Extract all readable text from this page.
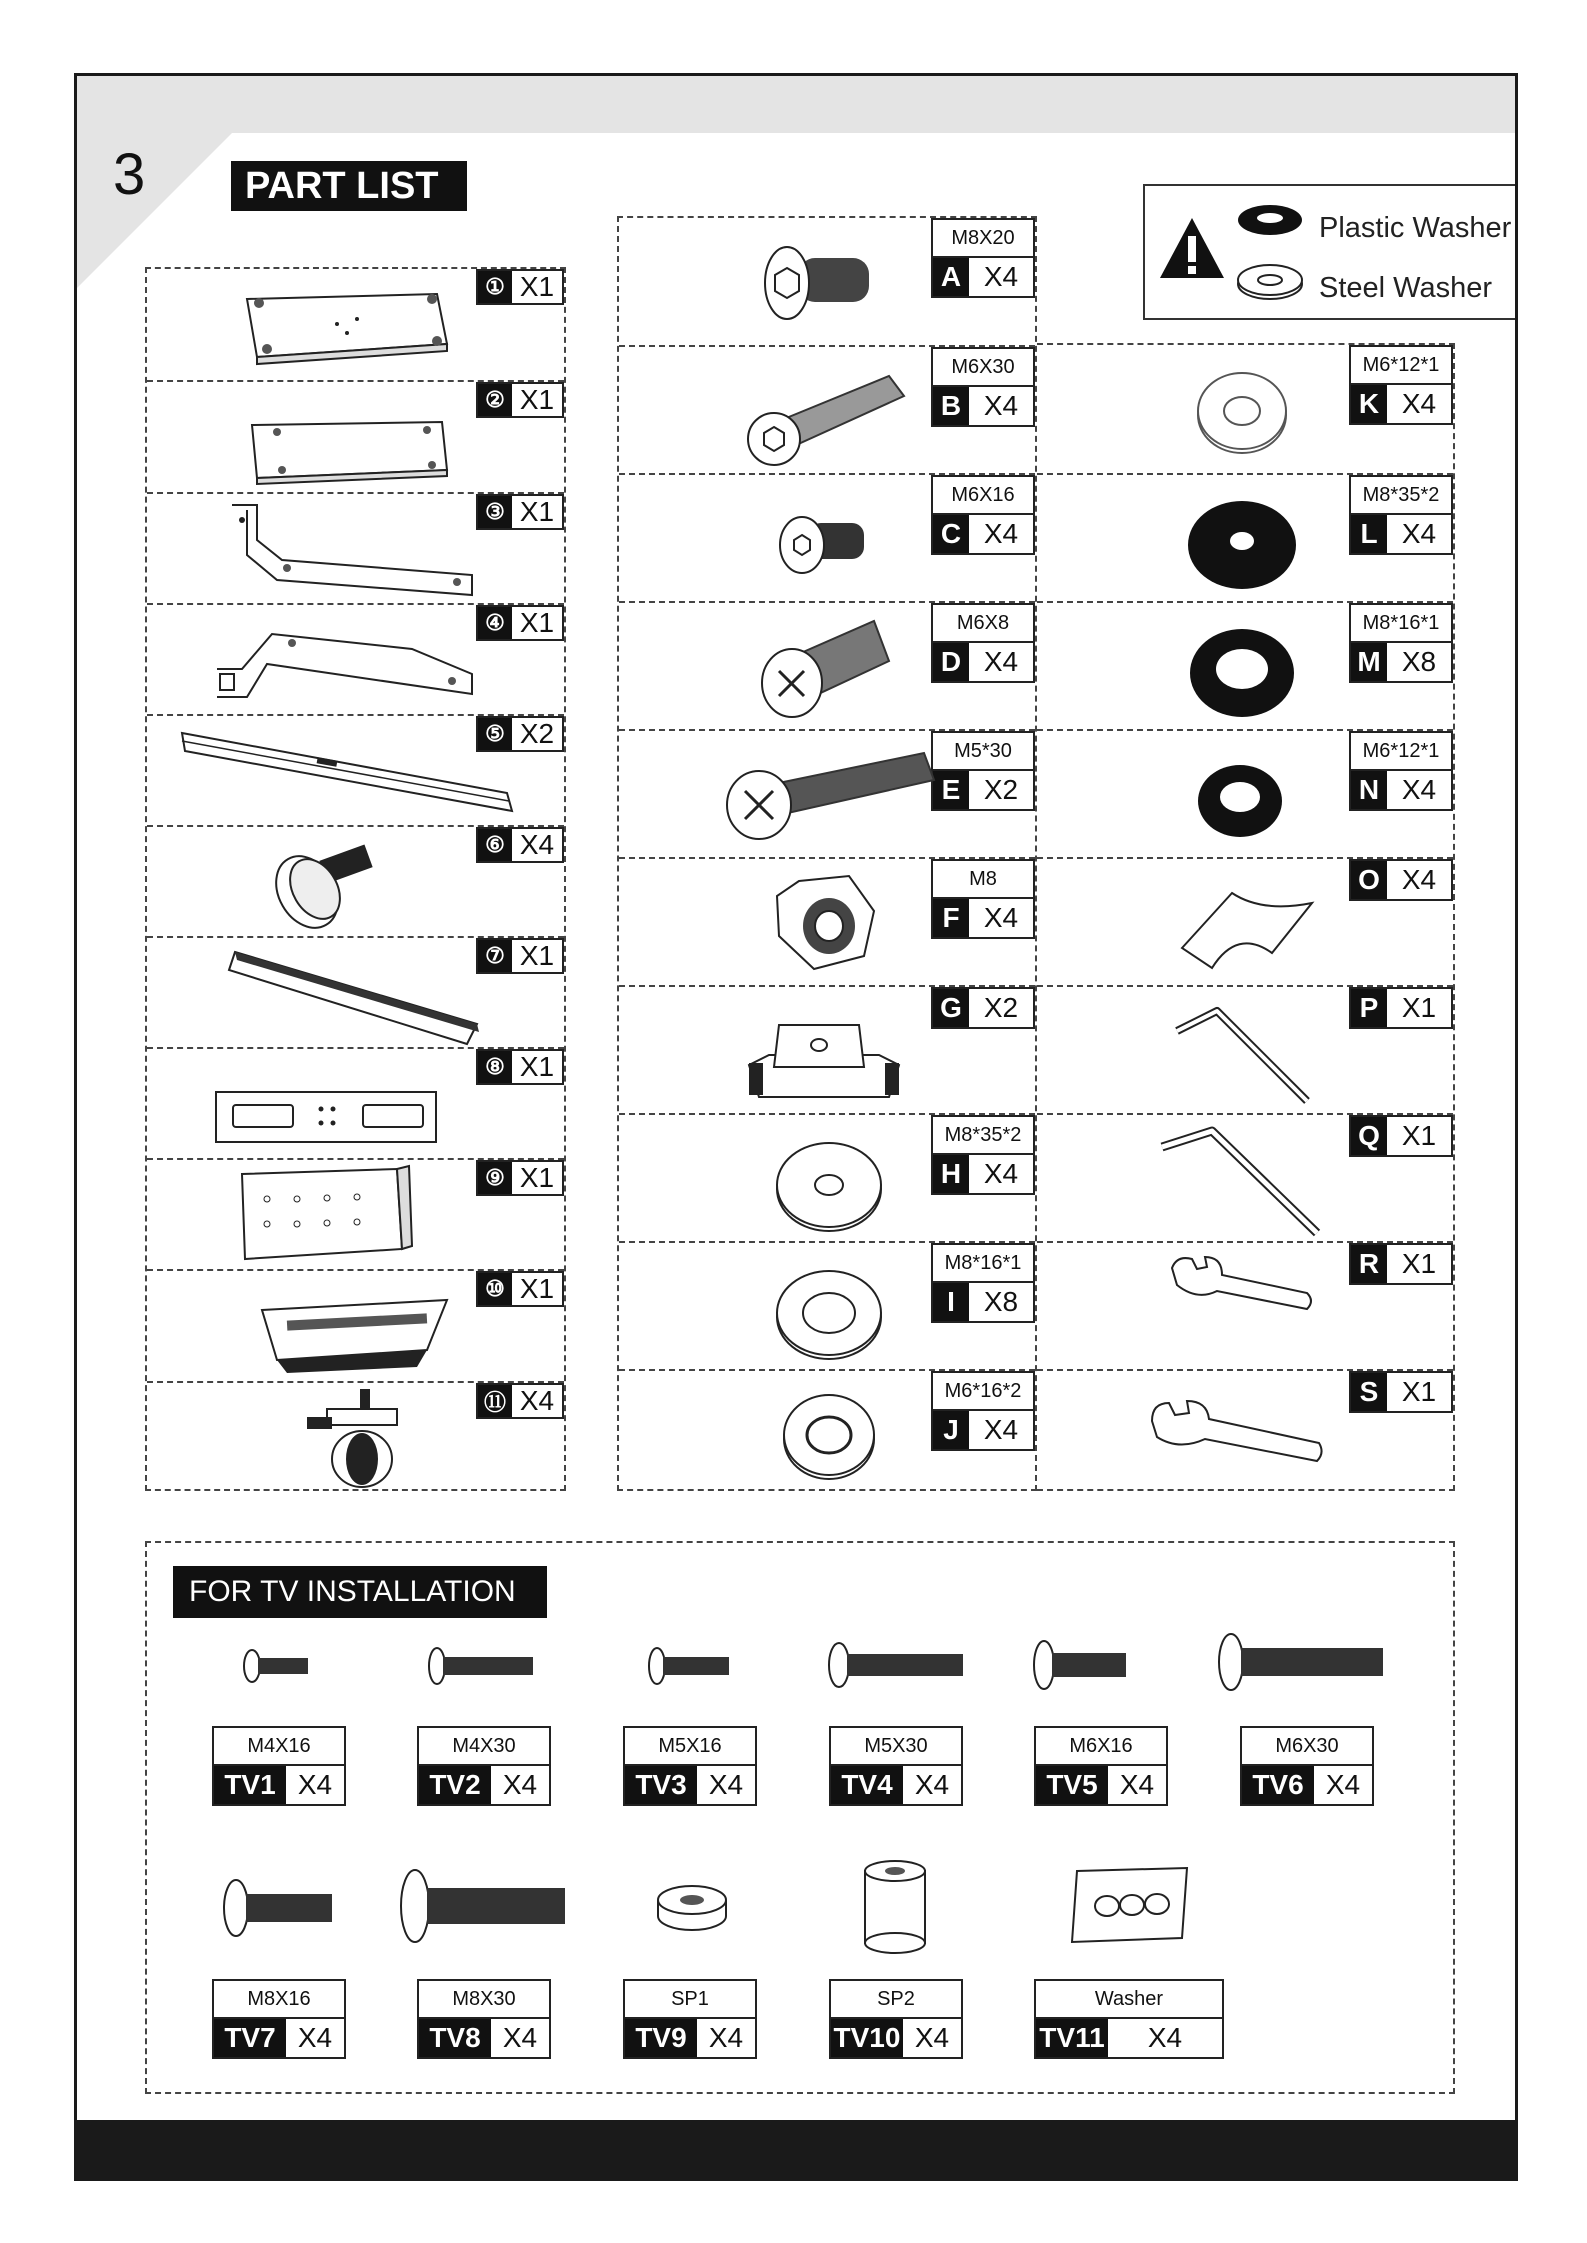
3	PART LIST
Plastic Washer
Steel Washer
① X1
② X1
③ X1
④ X1
⑤ X2
⑥ X4
⑦ X1
⑧ X1
⑨ X1
⑩ X1
⑪ X4
M8X20
A X4
M6X30
B X4
M6X16
C X4
M6X8
D X4
M5*30
E X2
M8
F X4
G X2
M8*35*2
H X4
M8*16*1
I	X8
M6*16*2
J X4
M6*12*1
K X4
M8*35*2
L X4
M8*16*1
M X8
M6*12*1
N X4
O X4
P X1
Q X1
R X1
S X1
FOR TV INSTALLATION
M4X16
TV1 X4
M4X30
TV2 X4
M5X16
TV3 X4
M5X30
TV4 X4
M6X16
TV5 X4
M6X30
TV6 X4
M8X16
TV7 X4
M8X30
TV8 X4
SP1
TV9 X4
SP2
TV10 X4
Washer
TV11	X4
